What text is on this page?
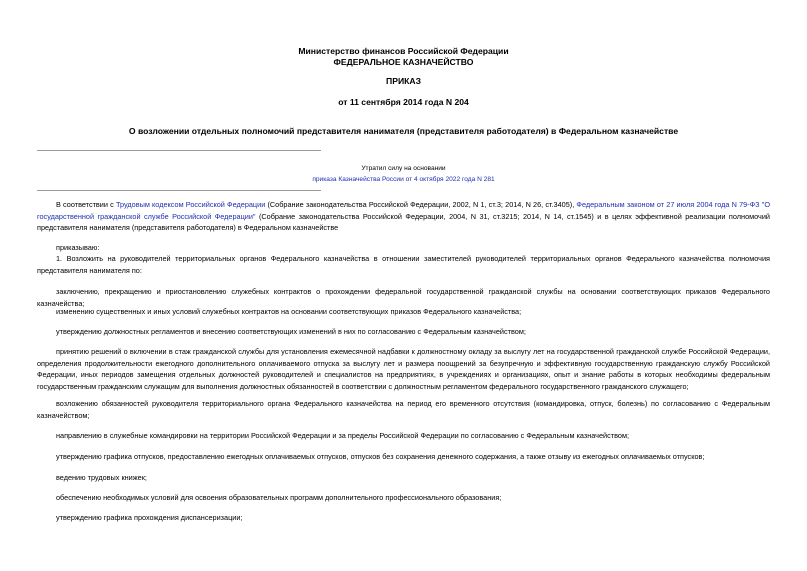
Министерство финансов Российской Федерации
ФЕДЕРАЛЬНОЕ КАЗНАЧЕЙСТВО
ПРИКАЗ
от 11 сентября 2014 года N 204
О возложении отдельных полномочий представителя нанимателя (представителя работодателя) в Федеральном казначействе
Утратил силу на основании
приказа Казначейства России от 4 октября 2022 года N 281
В соответствии с Трудовым кодексом Российской Федерации (Собрание законодательства Российской Федерации, 2002, N 1, ст.3; 2014, N 26, ст.3405), Федеральным законом от 27 июля 2004 года N 79-ФЗ "О государственной гражданской службе Российской Федерации" (Собрание законодательства Российской Федерации, 2004, N 31, ст.3215; 2014, N 14, ст.1545) и в целях эффективной реализации полномочий представителя нанимателя (представителя работодателя) в Федеральном казначействе
приказываю:
1. Возложить на руководителей территориальных органов Федерального казначейства в отношении заместителей руководителей территориальных органов Федерального казначейства полномочия представителя нанимателя по:
заключению, прекращению и приостановлению служебных контрактов о прохождении федеральной государственной гражданской службы на основании соответствующих приказов Федерального казначейства;
изменению существенных и иных условий служебных контрактов на основании соответствующих приказов Федерального казначейства;
утверждению должностных регламентов и внесению соответствующих изменений в них по согласованию с Федеральным казначейством;
принятию решений о включении в стаж гражданской службы для установления ежемесячной надбавки к должностному окладу за выслугу лет на государственной гражданской службе Российской Федерации, определения продолжительности ежегодного дополнительного оплачиваемого отпуска за выслугу лет и размера поощрений за безупречную и эффективную государственную гражданскую службу Российской Федерации, иных периодов замещения отдельных должностей руководителей и специалистов на предприятиях, в учреждениях и организациях, опыт и знание работы в которых необходимы федеральным государственным гражданским служащим для выполнения должностных обязанностей в соответствии с должностным регламентом федерального государственного гражданского служащего;
возложению обязанностей руководителя территориального органа Федерального казначейства на период его временного отсутствия (командировка, отпуск, болезнь) по согласованию с Федеральным казначейством;
направлению в служебные командировки на территории Российской Федерации и за пределы Российской Федерации по согласованию с Федеральным казначейством;
утверждению графика отпусков, предоставлению ежегодных оплачиваемых отпусков, отпусков без сохранения денежного содержания, а также отзыву из ежегодных оплачиваемых отпусков;
ведению трудовых книжек;
обеспечению необходимых условий для освоения образовательных программ дополнительного профессионального образования;
утверждению графика прохождения диспансеризации;
